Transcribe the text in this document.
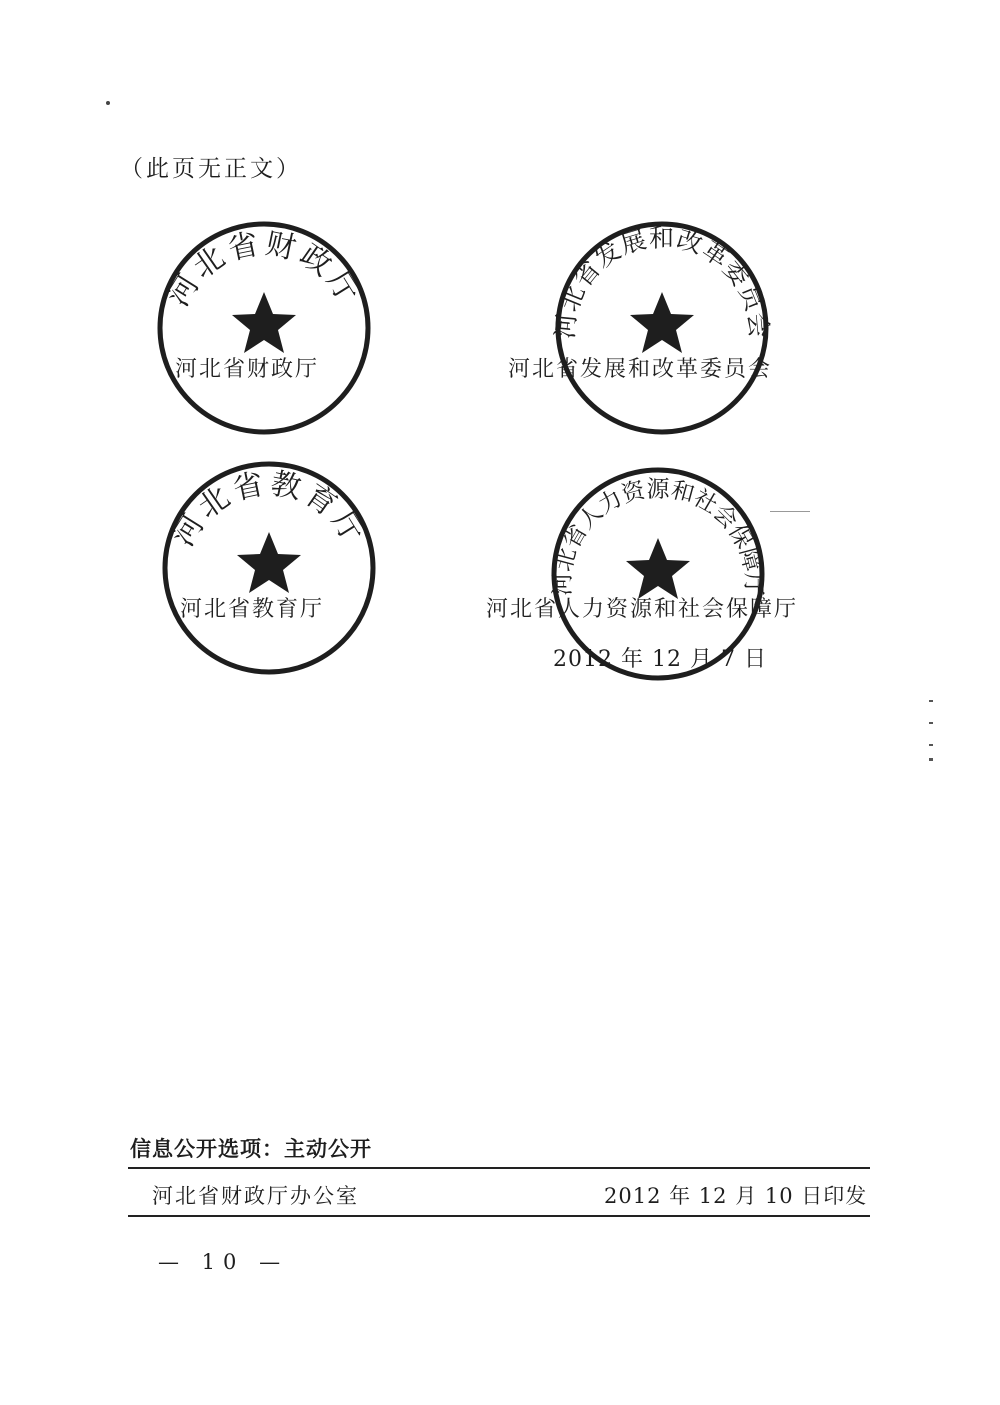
（此页无正文）
河北省财政厅
河北省财政厅
河北省发展和改革委员会
河北省发展和改革委员会
河北省教育厅
河北省教育厅
河北省人力资源和社会保障厅
河北省人力资源和社会保障厅
2012 年 12 月 7 日
信息公开选项：主动公开
河北省财政厅办公室	2012 年 12 月 10 日印发
— 10 —
